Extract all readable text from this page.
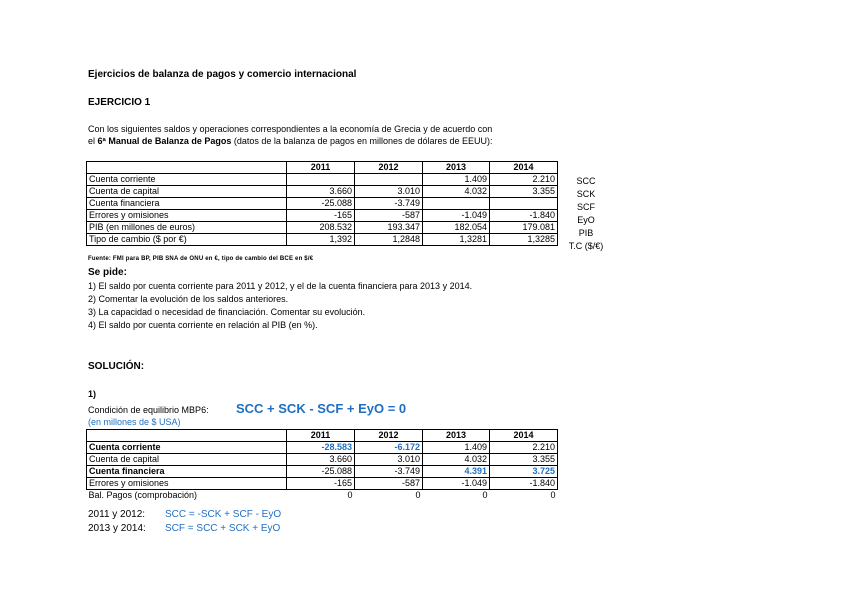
Ejercicios de balanza de pagos y comercio internacional
EJERCICIO 1
Con los siguientes saldos y operaciones correspondientes a la economía de Grecia y de acuerdo con
el 6ª Manual de Balanza de Pagos (datos de la balanza de pagos en millones de dólares de EEUU):
	2011	2012	2013	2014
Cuenta corriente			1.409	2.210
Cuenta de capital	3.660	3.010	4.032	3.355
Cuenta financiera	-25.088	-3.749		
Errores y omisiones	-165	-587	-1.049	-1.840
PIB (en millones de euros)	208.532	193.347	182.054	179.081
Tipo de cambio ($ por €)	1,392	1,2848	1,3281	1,3285
SCC
SCK
SCF
EyO
PIB
T.C ($/€)
Fuente: FMI para BP, PIB SNA de ONU en €, tipo de cambio del BCE en $/€
Se pide:
1) El saldo por cuenta corriente para 2011 y 2012, y el de la cuenta financiera para 2013 y 2014.
2) Comentar la evolución de los saldos anteriores.
3) La capacidad o necesidad de financiación. Comentar su evolución.
4) El saldo por cuenta corriente en relación al PIB (en %).
SOLUCIÓN:
1)
Condición de equilibrio MBP6: SCC + SCK - SCF + EyO = 0
(en millones de $ USA)
	2011	2012	2013	2014
Cuenta corriente	-28.583	-6.172	1.409	2.210
Cuenta de capital	3.660	3.010	4.032	3.355
Cuenta financiera	-25.088	-3.749	4.391	3.725
Errores y omisiones	-165	-587	-1.049	-1.840
Bal. Pagos (comprobación)	0	0	0	0
2011 y 2012: SCC = -SCK + SCF - EyO
2013 y 2014: SCF = SCC + SCK + EyO
